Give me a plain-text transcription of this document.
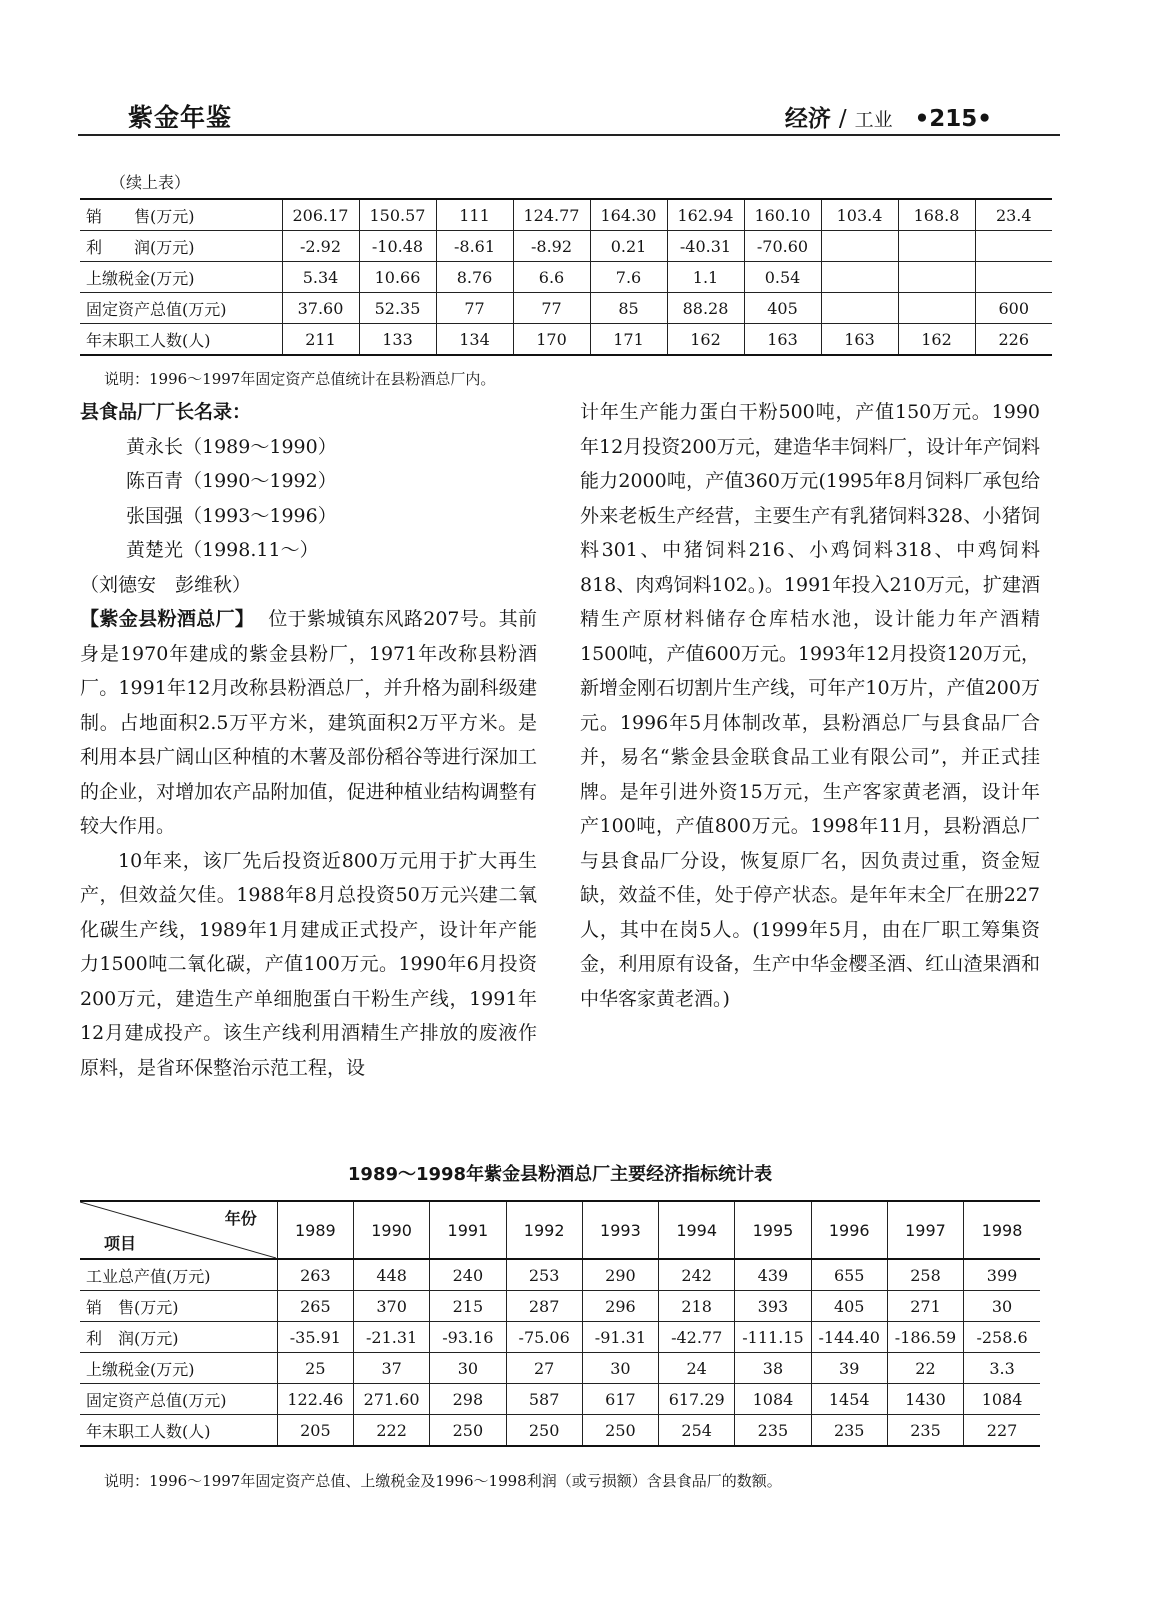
紫金年鉴	经济 / 工业 •215•
（续上表）
销　　售(万元)	206.17	150.57	111	124.77	164.30	162.94	160.10	103.4	168.8	23.4
利　　润(万元)	-2.92	-10.48	-8.61	-8.92	0.21	-40.31	-70.60			
上缴税金(万元)	5.34	10.66	8.76	6.6	7.6	1.1	0.54			
固定资产总值(万元)	37.60	52.35	77	77	85	88.28	405			600
年末职工人数(人)	211	133	134	170	171	162	163	163	162	226
说明：1996～1997年固定资产总值统计在县粉酒总厂内。

县食品厂厂长名录：

黄永长（1989～1990）

陈百青（1990～1992）

张国强（1993～1996）

黄楚光（1998.11～）

（刘德安　彭维秋）

【紫金县粉酒总厂】 位于紫城镇东风路207号。其前身是1970年建成的紫金县粉厂，1971年改称县粉酒厂。1991年12月改称县粉酒总厂，并升格为副科级建制。占地面积2.5万平方米，建筑面积2万平方米。是利用本县广阔山区种植的木薯及部份稻谷等进行深加工的企业，对增加农产品附加值，促进种植业结构调整有较大作用。

10年来，该厂先后投资近800万元用于扩大再生产，但效益欠佳。1988年8月总投资50万元兴建二氧化碳生产线，1989年1月建成正式投产，设计年产能力1500吨二氧化碳，产值100万元。1990年6月投资200万元，建造生产单细胞蛋白干粉生产线，1991年12月建成投产。该生产线利用酒精生产排放的废液作原料，是省环保整治示范工程，设

计年生产能力蛋白干粉500吨，产值150万元。1990年12月投资200万元，建造华丰饲料厂，设计年产饲料能力2000吨，产值360万元(1995年8月饲料厂承包给外来老板生产经营，主要生产有乳猪饲料328、小猪饲料301、中猪饲料216、小鸡饲料318、中鸡饲料818、肉鸡饲料102。)。1991年投入210万元，扩建酒精生产原材料储存仓库桔水池，设计能力年产酒精1500吨，产值600万元。1993年12月投资120万元，新增金刚石切割片生产线，可年产10万片，产值200万元。1996年5月体制改革，县粉酒总厂与县食品厂合并，易名“紫金县金联食品工业有限公司”，并正式挂牌。是年引进外资15万元，生产客家黄老酒，设计年产100吨，产值800万元。1998年11月，县粉酒总厂与县食品厂分设，恢复原厂名，因负责过重，资金短缺，效益不佳，处于停产状态。是年年末全厂在册227人，其中在岗5人。(1999年5月，由在厂职工筹集资金，利用原有设备，生产中华金樱圣酒、红山渣果酒和中华客家黄老酒。)

1989～1998年紫金县粉酒总厂主要经济指标统计表
年份
项目	1989	1990	1991	1992	1993	1994	1995	1996	1997	1998
工业总产值(万元)	263	448	240	253	290	242	439	655	258	399
销　售(万元)	265	370	215	287	296	218	393	405	271	30
利　润(万元)	-35.91	-21.31	-93.16	-75.06	-91.31	-42.77	-111.15	-144.40	-186.59	-258.6
上缴税金(万元)	25	37	30	27	30	24	38	39	22	3.3
固定资产总值(万元)	122.46	271.60	298	587	617	617.29	1084	1454	1430	1084
年末职工人数(人)	205	222	250	250	250	254	235	235	235	227
说明：1996～1997年固定资产总值、上缴税金及1996～1998利润（或亏损额）含县食品厂的数额。
